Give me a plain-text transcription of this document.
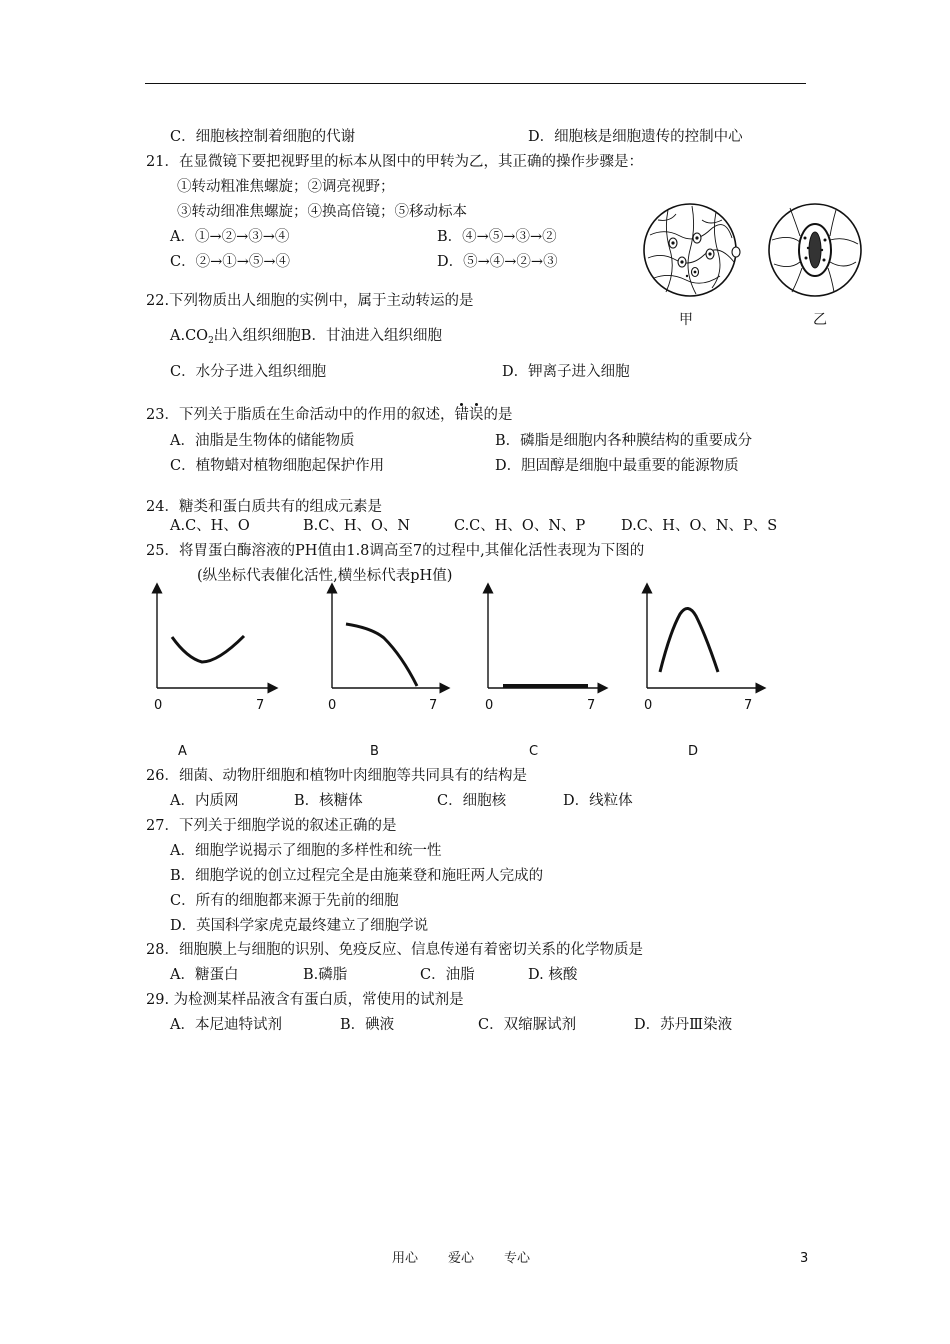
C．细胞核控制着细胞的代谢	D．细胞核是细胞遗传的控制中心
21．在显微镜下要把视野里的标本从图中的甲转为乙，其正确的操作步骤是：
①转动粗准焦螺旋；②调亮视野；
③转动细准焦螺旋；④换高倍镜；⑤移动标本
A．①→②→③→④	B．④→⑤→③→②
C．②→①→⑤→④	D．⑤→④→②→③
甲	乙
22.下列物质出人细胞的实例中，属于主动转运的是
$A.CO_2$出入组织细胞B．甘油进入组织细胞
C．水分子进入组织细胞	D．钾离子进入细胞
23．下列关于脂质在生命活动中的作用的叙述，
错
误的是
A．油脂是生物体的储能物质	B．磷脂是细胞内各种膜结构的重要成分
C．植物蜡对植物细胞起保护作用	D．胆固醇是细胞中最重要的能源物质
24．糖类和蛋白质共有的组成元素是
A.C、H、O	B.C、H、O、N	C.C、H、O、N、P D.C、H、O、N、P、S
25．将胃蛋白酶溶液的PH值由1.8调高至7的过程中,其催化活性表现为下图的
(纵坐标代表催化活性,横坐标代表pH值)
0	7
A
0	7
B
0	7
C
0	7
D
26．细菌、动物肝细胞和植物叶肉细胞等共同具有的结构是
A．内质网	B．核糖体	C．细胞核	D．线粒体
27．下列关于细胞学说的叙述正确的是
A．细胞学说揭示了细胞的多样性和统一性
B．细胞学说的创立过程完全是由施莱登和施旺两人完成的
C．所有的细胞都来源于先前的细胞
D．英国科学家虎克最终建立了细胞学说
28．细胞膜上与细胞的识别、免疫反应、信息传递有着密切关系的化学物质是
A．糖蛋白	B.磷脂	C．油脂	D. 核酸
29. 为检测某样品液含有蛋白质，常使用的试剂是
A．本尼迪特试剂	B．碘液	C．双缩脲试剂	D．苏丹Ⅲ染液
用心 爱心 专心	3
